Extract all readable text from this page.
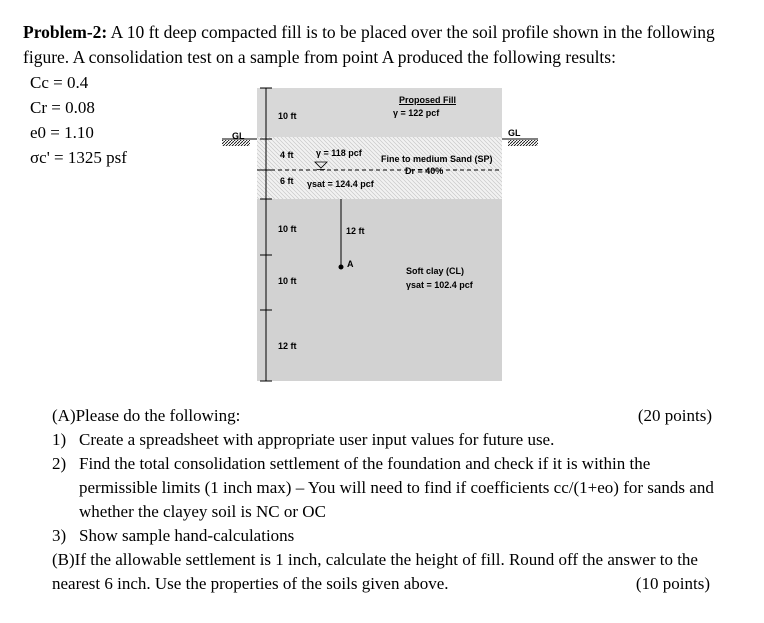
Problem-2: A 10 ft deep compacted fill is to be placed over the soil profile shown in the following figure. A consolidation test on a sample from point A produced the following results:
Cc = 0.4
Cr = 0.08
e0 = 1.10
σc' = 1325 psf
Proposed Fill
γ = 122 pcf
10 ft
GL	GL
4 ft	γ = 118 pcf
Fine to medium Sand (SP)
Dr = 40%
6 ft γsat = 124.4 pcf
10 ft	12 ft
A
Soft clay (CL)
10 ft	γsat = 102.4 pcf
12 ft
(A)Please do the following:	(20 points)
1) Create a spreadsheet with appropriate user input values for future use.
2) Find the total consolidation settlement of the foundation and check if it is within the permissible limits (1 inch max) – You will need to find if coefficients cc/(1+eo) for sands and whether the clayey soil is NC or OC
3) Show sample hand-calculations
(B)If the allowable settlement is 1 inch, calculate the height of fill. Round off the answer to the nearest 6 inch. Use the properties of the soils given above.	(10 points)
